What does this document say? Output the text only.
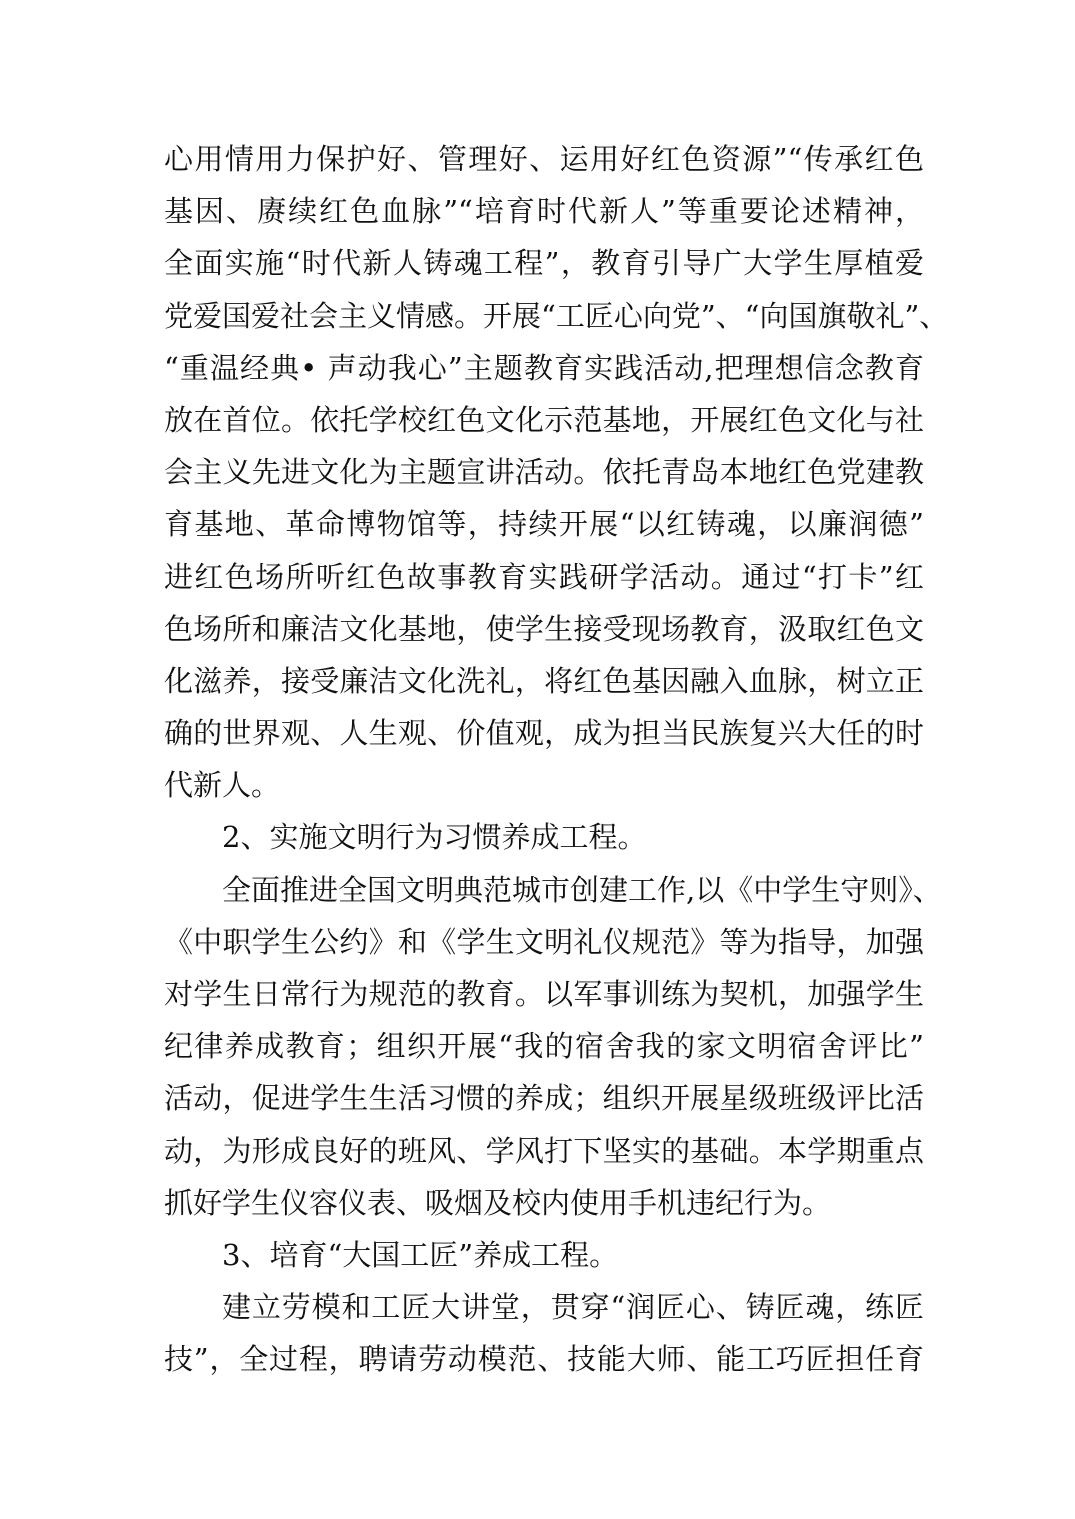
心用情用力保护好、管理好、运用好红色资源”“传承红色
基因、赓续红色血脉”“培育时代新人”等重要论述精神，
全面实施“时代新人铸魂工程”，教育引导广大学生厚植爱
党爱国爱社会主义情感。开展“工匠心向党”、“向国旗敬礼”、
“重温经典• 声动我心”主题教育实践活动,把理想信念教育
放在首位。依托学校红色文化示范基地，开展红色文化与社
会主义先进文化为主题宣讲活动。依托青岛本地红色党建教
育基地、革命博物馆等，持续开展“以红铸魂，以廉润德”
进红色场所听红色故事教育实践研学活动。通过“打卡”红
色场所和廉洁文化基地，使学生接受现场教育，汲取红色文
化滋养，接受廉洁文化洗礼，将红色基因融入血脉，树立正
确的世界观、人生观、价值观，成为担当民族复兴大任的时
代新人。
2、实施文明行为习惯养成工程。
全面推进全国文明典范城市创建工作,以《中学生守则》、
《中职学生公约》和《学生文明礼仪规范》等为指导，加强
对学生日常行为规范的教育。以军事训练为契机，加强学生
纪律养成教育；组织开展“我的宿舍我的家文明宿舍评比”
活动，促进学生生活习惯的养成；组织开展星级班级评比活
动，为形成良好的班风、学风打下坚实的基础。本学期重点
抓好学生仪容仪表、吸烟及校内使用手机违纪行为。
3、培育“大国工匠”养成工程。
建立劳模和工匠大讲堂，贯穿“润匠心、铸匠魂，练匠
技”，全过程，聘请劳动模范、技能大师、能工巧匠担任育
